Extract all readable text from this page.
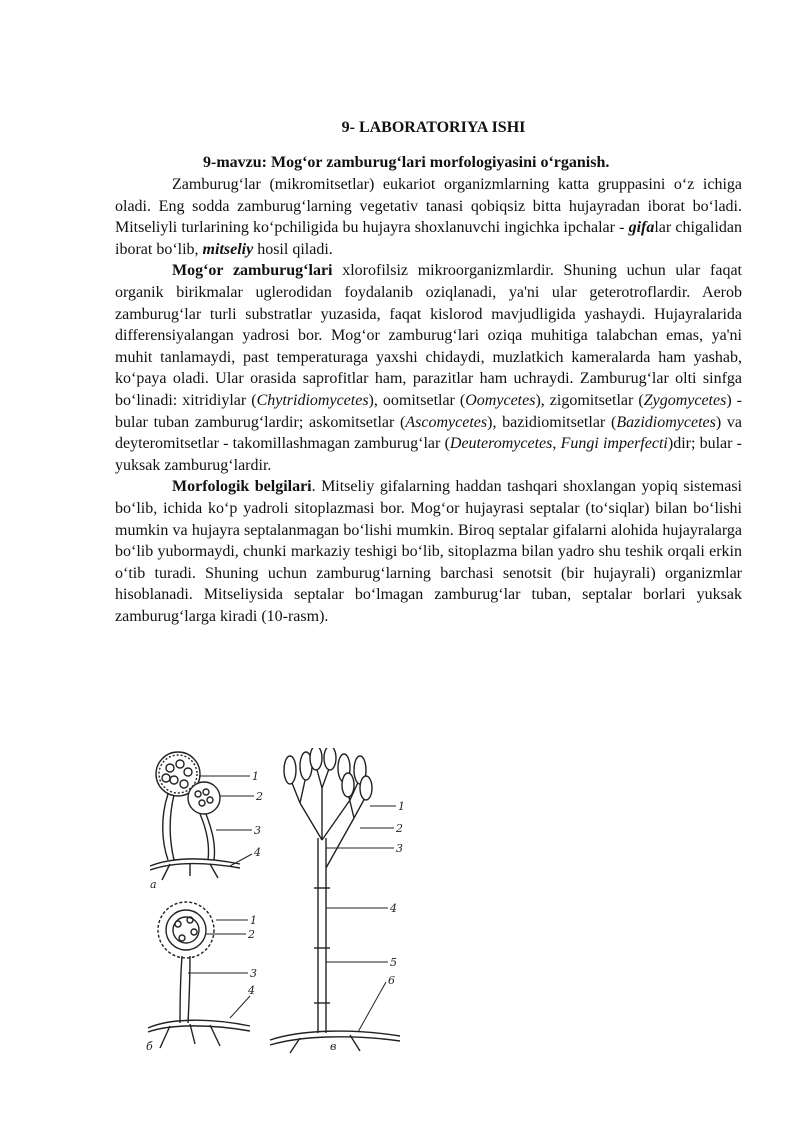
9- LABORATORIYA ISHI
9-mavzu: Mog‘or zamburug‘lari morfologiyasini o‘rganish.

Zamburug‘lar (mikromitsetlar) eukariot organizmlarning katta gruppasini o‘z ichiga oladi. Eng sodda zamburug‘larning vegetativ tanasi qobiqsiz bitta hujayradan iborat bo‘ladi. Mitseliyli turlarining ko‘pchiligida bu hujayra shoxlanuvchi ingichka ipchalar - gifalar chigalidan iborat bo‘lib, mitseliy hosil qiladi.

Mog‘or zamburug‘lari xlorofilsiz mikroorganizmlardir. Shuning uchun ular faqat organik birikmalar uglerodidan foydalanib oziqlanadi, ya'ni ular geterotroflardir. Aerob zamburug‘lar turli substratlar yuzasida, faqat kislorod mavjudligida yashaydi. Hujayralarida differensiyalangan yadrosi bor. Mog‘or zamburug‘lari oziqa muhitiga talabchan emas, ya'ni muhit tanlamaydi, past temperaturaga yaxshi chidaydi, muzlatkich kameralarda ham yashab, ko‘paya oladi. Ular orasida saprofitlar ham, parazitlar ham uchraydi. Zamburug‘lar olti sinfga bo‘linadi: xitridiylar (Chytridiomycetes), oomitsetlar (Oomycetes), zigomitsetlar (Zygomycetes) - bular tuban zamburug‘lardir; askomitsetlar (Ascomycetes), bazidiomitsetlar (Bazidiomycetes) va deyteromitsetlar - takomillashmagan zamburug‘lar (Deuteromycetes, Fungi imperfecti)dir; bular - yuksak zamburug‘lardir.

Morfologik belgilari. Mitseliy gifalarning haddan tashqari shoxlangan yopiq sistemasi bo‘lib, ichida ko‘p yadroli sitoplazmasi bor. Mog‘or hujayrasi septalar (to‘siqlar) bilan bo‘lishi mumkin va hujayra septalanmagan bo‘lishi mumkin. Biroq septalar gifalarni alohida hujayralarga bo‘lib yubormaydi, chunki markaziy teshigi bo‘lib, sitoplazma bilan yadro shu teshik orqali erkin o‘tib turadi. Shuning uchun zamburug‘larning barchasi senotsit (bir hujayrali) organizmlar hisoblanadi. Mitseliysida septalar bo‘lmagan zamburug‘lar tuban, septalar borlari yuksak zamburug‘larga kiradi (10-rasm).

1
2
3
4
a
1
2
3
4
б
1
2
3
4
5
6
в
